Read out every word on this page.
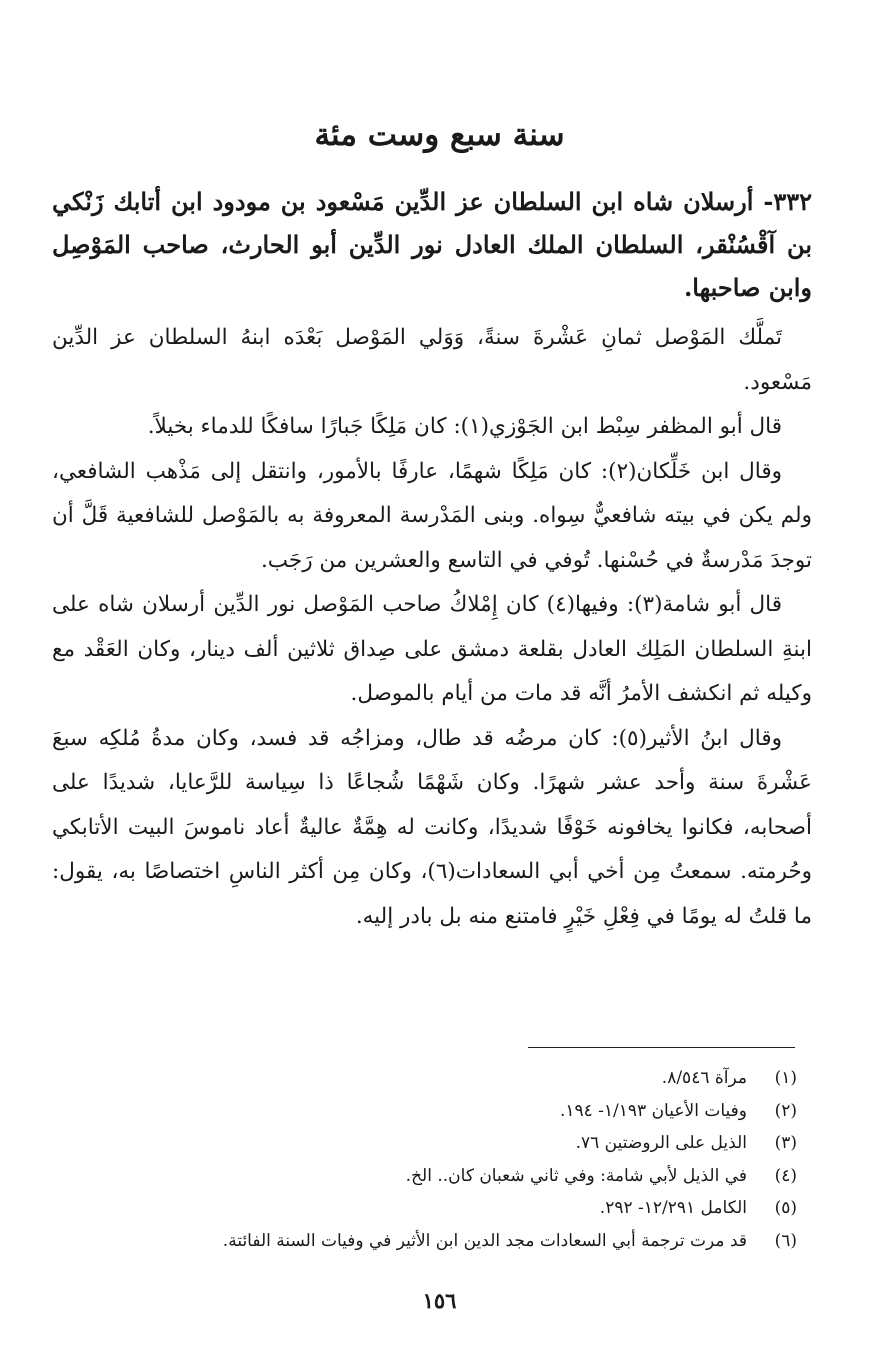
سنة سبع وست مئة
٣٣٢- أرسلان شاه ابن السلطان عز الدِّين مَسْعود بن مودود ابن أتابك زَنْكي بن آقْسُنْقر، السلطان الملك العادل نور الدِّين أبو الحارث، صاحب المَوْصِل وابن صاحبها.

تَملَّك المَوْصل ثمانِ عَشْرةَ سنةً، وَوَلي المَوْصل بَعْدَه ابنهُ السلطان عز الدِّين مَسْعود.

قال أبو المظفر سِبْط ابن الجَوْزي(١): كان مَلِكًا جَبارًا سافكًا للدماء بخيلاً.

وقال ابن خَلِّكان(٢): كان مَلِكًا شهمًا، عارفًا بالأمور، وانتقل إلى مَذْهب الشافعي، ولم يكن في بيته شافعيٌّ سِواه. وبنى المَدْرسة المعروفة به بالمَوْصل للشافعية قَلَّ أن توجدَ مَدْرسةٌ في حُسْنها. تُوفي في التاسع والعشرين من رَجَب.

قال أبو شامة(٣): وفيها(٤) كان إِمْلاكُ صاحب المَوْصل نور الدِّين أرسلان شاه على ابنةِ السلطان المَلِك العادل بقلعة دمشق على صِداق ثلاثين ألف دينار، وكان العَقْد مع وكيله ثم انكشف الأمرُ أنَّه قد مات من أيام بالموصل.

وقال ابنُ الأثير(٥): كان مرضُه قد طال، ومزاجُه قد فسد، وكان مدةُ مُلكِه سبعَ عَشْرةَ سنة وأحد عشر شهرًا. وكان شَهْمًا شُجاعًا ذا سِياسة للرَّعايا، شديدًا على أصحابه، فكانوا يخافونه خَوْفًا شديدًا، وكانت له هِمَّةٌ عاليةٌ أعاد ناموسَ البيت الأتابكي وحُرمته. سمعتُ مِن أخي أبي السعادات(٦)، وكان مِن أكثر الناسِ اختصاصًا به، يقول: ما قلتُ له يومًا في فِعْلِ خَيْرٍ فامتنع منه بل بادر إليه.

(١)مرآة ٨/٥٤٦.
(٢)وفيات الأعيان ١/١٩٣- ١٩٤.
(٣)الذيل على الروضتين ٧٦.
(٤)في الذيل لأبي شامة: وفي ثاني شعبان كان.. الخ.
(٥)الكامل ١٢/٢٩١- ٢٩٢.
(٦)قد مرت ترجمة أبي السعادات مجد الدين ابن الأثير في وفيات السنة الفائتة.
١٥٦
